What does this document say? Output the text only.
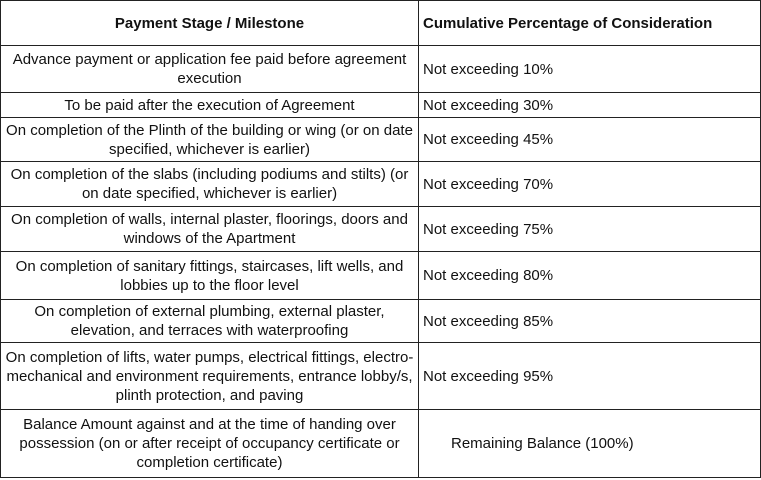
Payment Stage / Milestone	Cumulative Percentage of Consideration
Advance payment or application fee paid before agreement execution	Not exceeding 10%
To be paid after the execution of Agreement	Not exceeding 30%
On completion of the Plinth of the building or wing (or on date specified, whichever is earlier)	Not exceeding 45%
On completion of the slabs (including podiums and stilts) (or on date specified, whichever is earlier)	Not exceeding 70%
On completion of walls, internal plaster, floorings, doors and windows of the Apartment	Not exceeding 75%
On completion of sanitary fittings, staircases, lift wells, and lobbies up to the floor level	Not exceeding 80%
On completion of external plumbing, external plaster, elevation, and terraces with waterproofing	Not exceeding 85%
On completion of lifts, water pumps, electrical fittings, electro-mechanical and environment requirements, entrance lobby/s, plinth protection, and paving	Not exceeding 95%
Balance Amount against and at the time of handing over possession (on or after receipt of occupancy certificate or completion certificate)	Remaining Balance (100%)
